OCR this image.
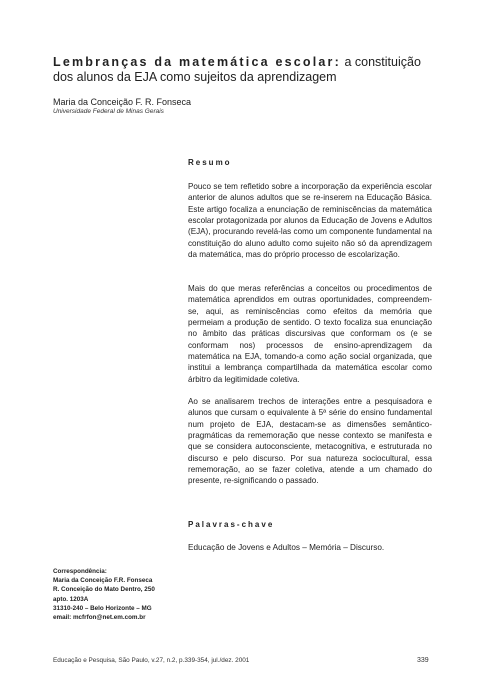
Lembranças da matemática escolar: a constituição dos alunos da EJA como sujeitos da aprendizagem
Maria da Conceição F. R. Fonseca
Universidade Federal de Minas Gerais
Resumo

Pouco se tem refletido sobre a incorporação da experiência escolar anterior de alunos adultos que se re-inserem na Educação Básica. Este artigo focaliza a enunciação de reminiscências da matemática escolar protagonizada por alunos da Educação de Jovens e Adultos (EJA), procurando revelá-las como um componente fundamental na constituição do aluno adulto como sujeito não só da aprendizagem da matemática, mas do próprio processo de escolarização.

Mais do que meras referências a conceitos ou procedimentos de matemática aprendidos em outras oportunidades, compreendem-se, aqui, as reminiscências como efeitos da memória que permeiam a produção de sentido. O texto focaliza sua enunciação no âmbito das práticas discursivas que conformam os (e se conformam nos) processos de ensino-aprendizagem da matemática na EJA, tomando-a como ação social organizada, que institui a lembrança compartilhada da matemática escolar como árbitro da legitimidade coletiva.

Ao se analisarem trechos de interações entre a pesquisadora e alunos que cursam o equivalente à 5ª série do ensino fundamental num projeto de EJA, destacam-se as dimensões semântico-pragmáticas da rememoração que nesse contexto se manifesta e que se considera autoconsciente, metacognitiva, e estruturada no discurso e pelo discurso. Por sua natureza sociocultural, essa rememoração, ao se fazer coletiva, atende a um chamado do presente, re-significando o passado.

Palavras-chave
Educação de Jovens e Adultos – Memória – Discurso.
Correspondência:
Maria da Conceição F.R. Fonseca
R. Conceição do Mato Dentro, 250
apto. 1203A
31310-240 – Belo Horizonte – MG
email: mcfrfon@net.em.com.br
Educação e Pesquisa, São Paulo, v.27, n.2, p.339-354, jul./dez. 2001	339
